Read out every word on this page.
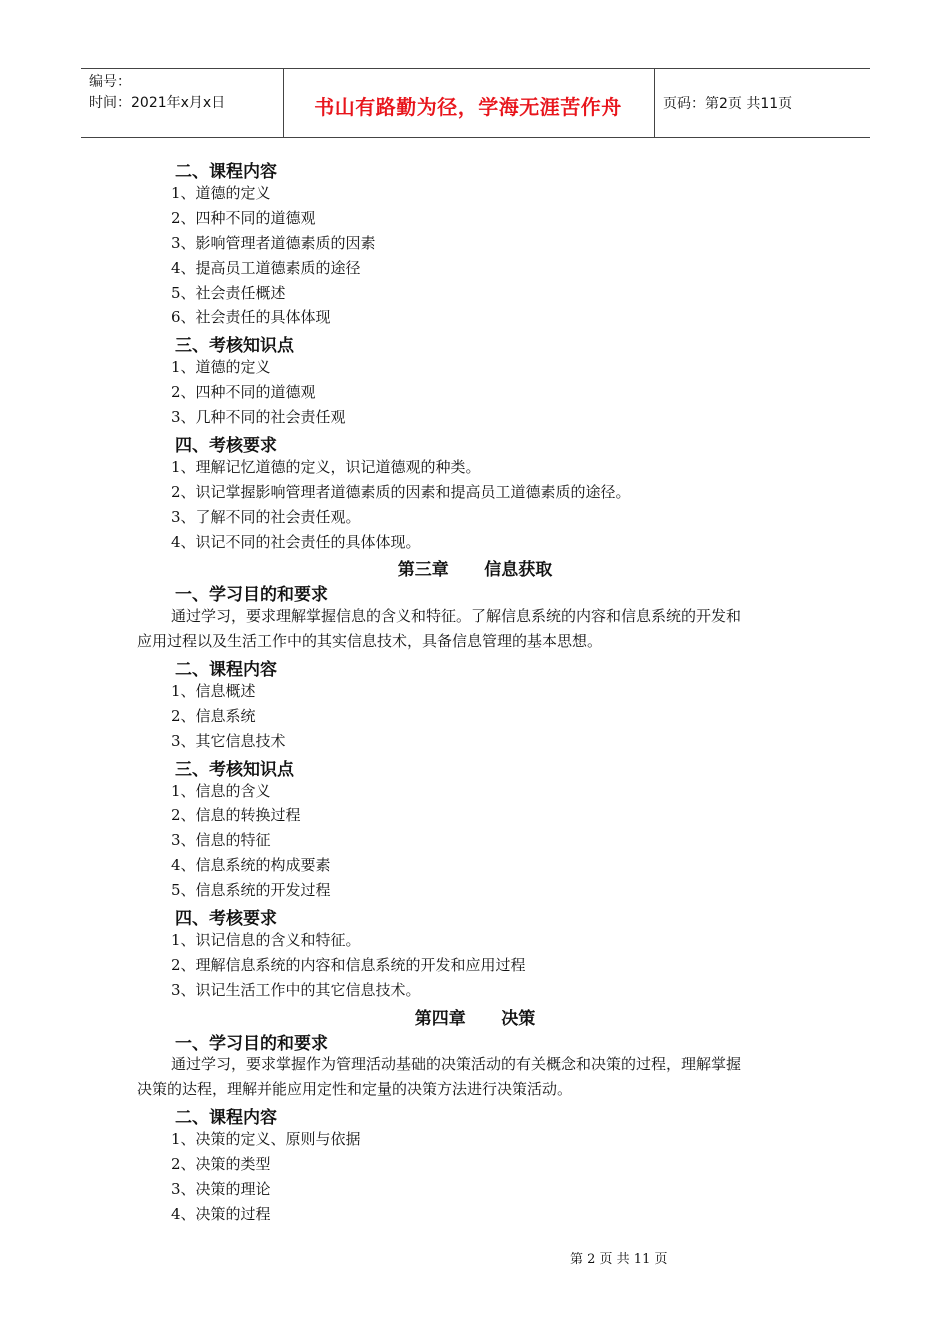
编号：
时间：2021年x月x日	书山有路勤为径，学海无涯苦作舟	页码：第2页 共11页
二、课程内容
1、道德的定义
2、四种不同的道德观
3、影响管理者道德素质的因素
4、提高员工道德素质的途径
5、社会责任概述
6、社会责任的具体体现
三、考核知识点
1、道德的定义
2、四种不同的道德观
3、几种不同的社会责任观
四、考核要求
1、理解记忆道德的定义，识记道德观的种类。
2、识记掌握影响管理者道德素质的因素和提高员工道德素质的途径。
3、了解不同的社会责任观。
4、识记不同的社会责任的具体体现。
第三章      信息获取
一、学习目的和要求
通过学习，要求理解掌握信息的含义和特征。了解信息系统的内容和信息系统的开发和
应用过程以及生活工作中的其实信息技术，具备信息管理的基本思想。
二、课程内容
1、信息概述
2、信息系统
3、其它信息技术
三、考核知识点
1、信息的含义
2、信息的转换过程
3、信息的特征
4、信息系统的构成要素
5、信息系统的开发过程
四、考核要求
1、识记信息的含义和特征。
2、理解信息系统的内容和信息系统的开发和应用过程
3、识记生活工作中的其它信息技术。
第四章      决策
一、学习目的和要求
通过学习，要求掌握作为管理活动基础的决策活动的有关概念和决策的过程，理解掌握
决策的达程，理解并能应用定性和定量的决策方法进行决策活动。
二、课程内容
1、决策的定义、原则与依据
2、决策的类型
3、决策的理论
4、决策的过程
第 2 页 共 11 页
